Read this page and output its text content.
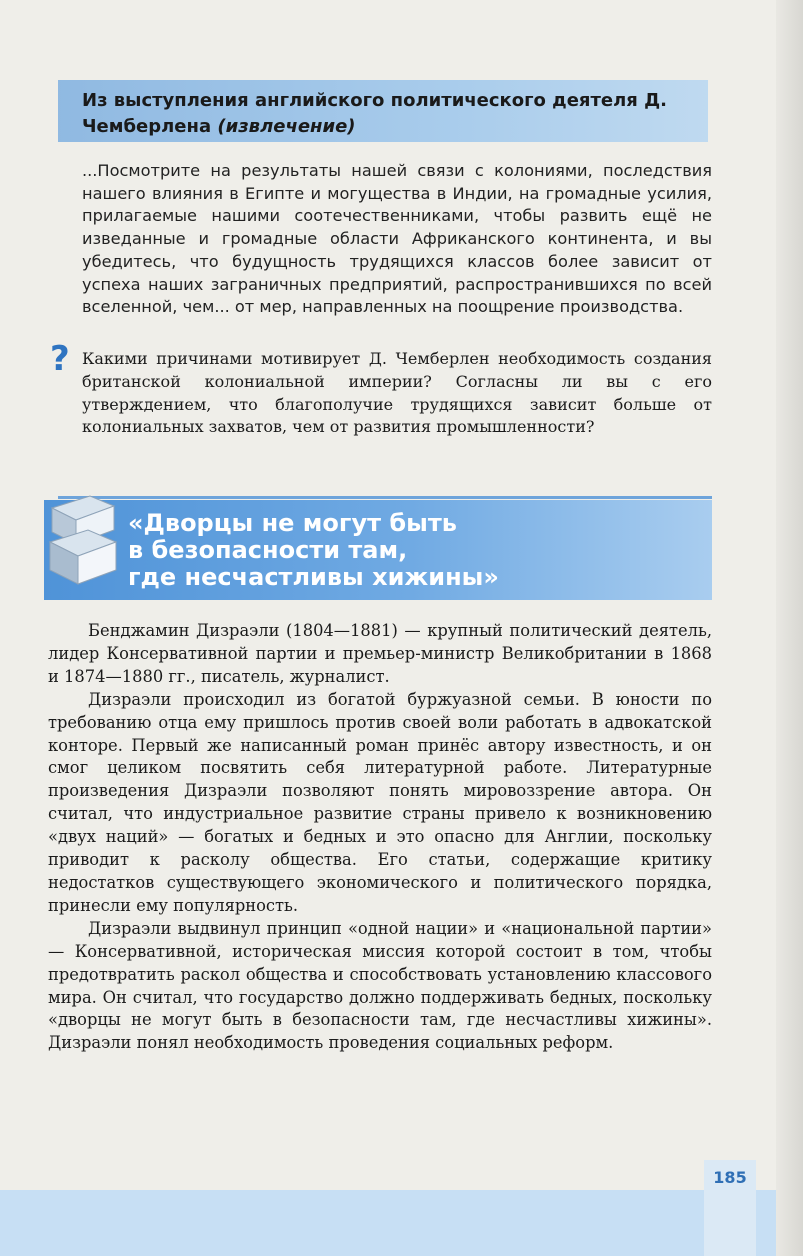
Из выступления английского политического деятеля Д. Чемберлена (извлечение)

...Посмотрите на результаты нашей связи с колониями, последствия нашего влияния в Египте и могущества в Индии, на громадные усилия, прилагаемые нашими соотечественниками, чтобы развить ещё не изведанные и громадные области Африканского континента, и вы убедитесь, что будущность трудящихся классов более зависит от успеха наших заграничных предприятий, распространившихся по всей вселенной, чем... от мер, направленных на поощрение производства.

? Какими причинами мотивирует Д. Чемберлен необходимость создания британской колониальной империи? Согласны ли вы с его утверждением, что благополучие трудящихся зависит больше от колониальных захватов, чем от развития промышленности?

«Дворцы не могут быть
в безопасности там,
где несчастливы хижины»

Бенджамин Дизраэли (1804—1881) — крупный политический деятель, лидер Консервативной партии и премьер-министр Великобритании в 1868 и 1874—1880 гг., писатель, журналист.

Дизраэли происходил из богатой буржуазной семьи. В юности по требованию отца ему пришлось против своей воли работать в адвокатской конторе. Первый же написанный роман принёс автору известность, и он смог целиком посвятить себя литературной работе. Литературные произведения Дизраэли позволяют понять мировоззрение автора. Он считал, что индустриальное развитие страны привело к возникновению «двух наций» — богатых и бедных и это опасно для Англии, поскольку приводит к расколу общества. Его статьи, содержащие критику недостатков существующего экономического и политического порядка, принесли ему популярность.

Дизраэли выдвинул принцип «одной нации» и «национальной партии» — Консервативной, историческая миссия которой состоит в том, чтобы предотвратить раскол общества и способствовать установлению классового мира. Он считал, что государство должно поддерживать бедных, поскольку «дворцы не могут быть в безопасности там, где несчастливы хижины». Дизраэли понял необходимость проведения социальных реформ.

185
